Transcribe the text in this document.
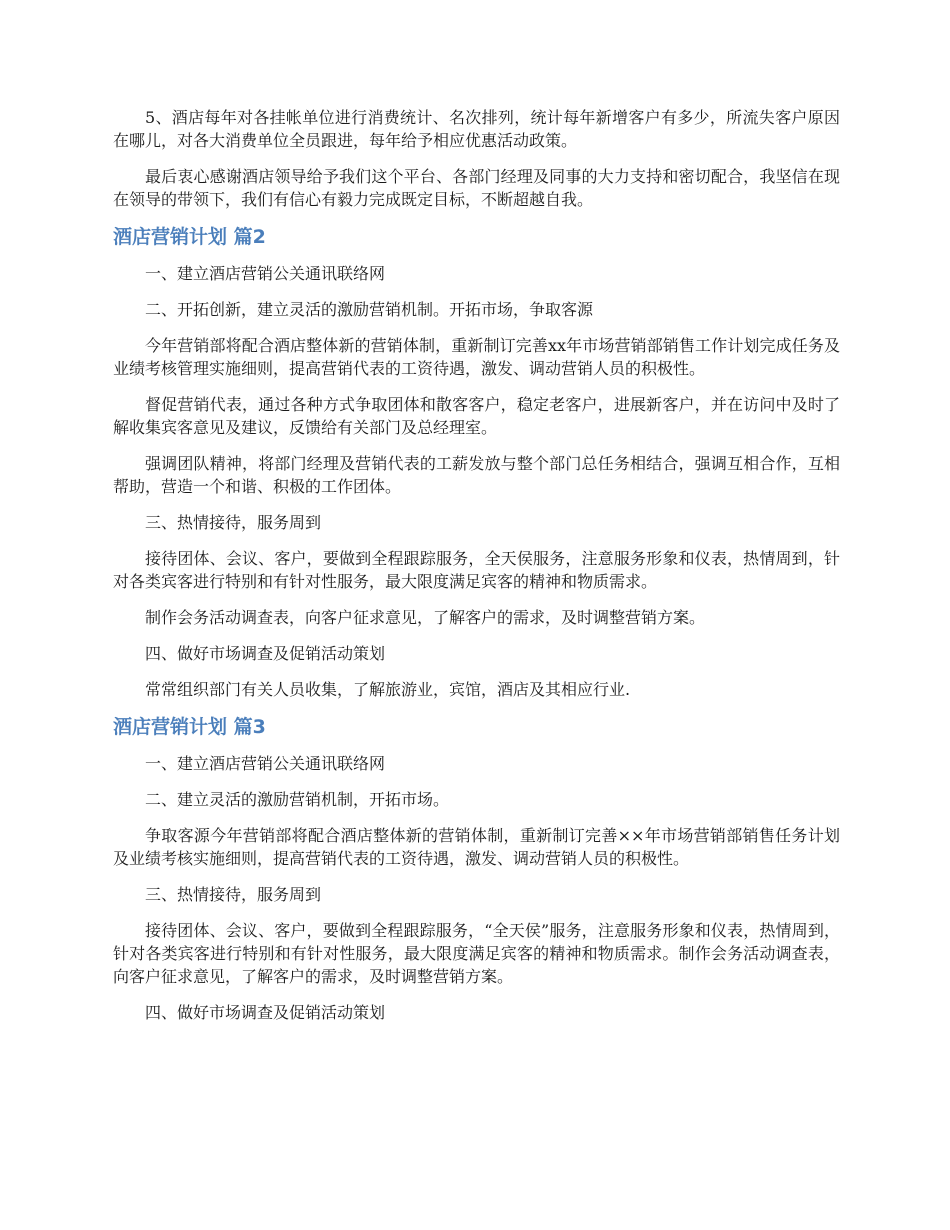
5、酒店每年对各挂帐单位进行消费统计、名次排列，统计每年新增客户有多少，所流失客户原因在哪儿，对各大消费单位全员跟进，每年给予相应优惠活动政策。

最后衷心感谢酒店领导给予我们这个平台、各部门经理及同事的大力支持和密切配合，我坚信在现在领导的带领下，我们有信心有毅力完成既定目标，不断超越自我。

酒店营销计划 篇2

一、建立酒店营销公关通讯联络网

二、开拓创新，建立灵活的激励营销机制。开拓市场，争取客源

今年营销部将配合酒店整体新的营销体制，重新制订完善xx年市场营销部销售工作计划完成任务及业绩考核管理实施细则，提高营销代表的工资待遇，激发、调动营销人员的积极性。

督促营销代表，通过各种方式争取团体和散客客户，稳定老客户，进展新客户，并在访问中及时了解收集宾客意见及建议，反馈给有关部门及总经理室。

强调团队精神，将部门经理及营销代表的工薪发放与整个部门总任务相结合，强调互相合作，互相帮助，营造一个和谐、积极的工作团体。

三、热情接待，服务周到

接待团体、会议、客户，要做到全程跟踪服务，全天侯服务，注意服务形象和仪表，热情周到，针对各类宾客进行特别和有针对性服务，最大限度满足宾客的精神和物质需求。

制作会务活动调查表，向客户征求意见，了解客户的需求，及时调整营销方案。

四、做好市场调查及促销活动策划

常常组织部门有关人员收集，了解旅游业，宾馆，酒店及其相应行业.

酒店营销计划 篇3

一、建立酒店营销公关通讯联络网

二、建立灵活的激励营销机制，开拓市场。

争取客源今年营销部将配合酒店整体新的营销体制，重新制订完善××年市场营销部销售任务计划及业绩考核实施细则，提高营销代表的工资待遇，激发、调动营销人员的积极性。

三、热情接待，服务周到

接待团体、会议、客户，要做到全程跟踪服务，“全天侯”服务，注意服务形象和仪表，热情周到，针对各类宾客进行特别和有针对性服务，最大限度满足宾客的精神和物质需求。制作会务活动调查表，向客户征求意见，了解客户的需求，及时调整营销方案。

四、做好市场调查及促销活动策划
